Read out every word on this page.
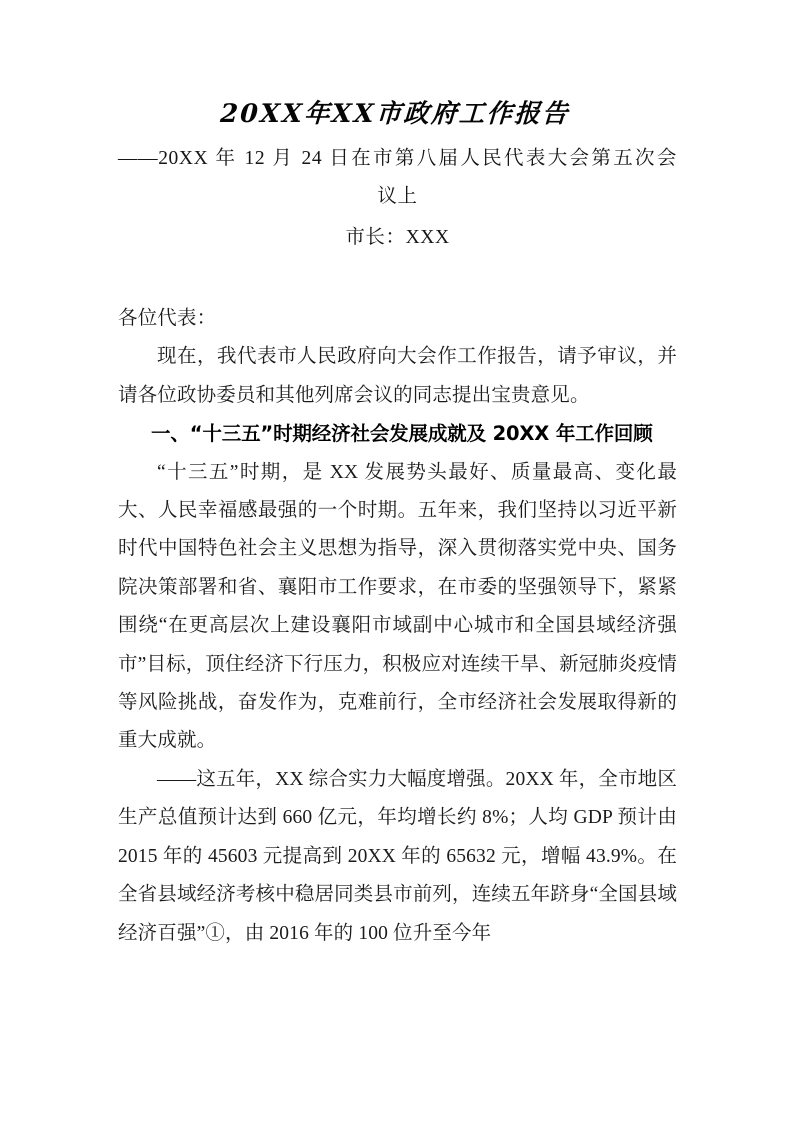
20XX年XX市政府工作报告
——20XX 年 12 月 24 日在市第八届人民代表大会第五次会
议上
市长：XXX

各位代表：

现在，我代表市人民政府向大会作工作报告，请予审议，并请各位政协委员和其他列席会议的同志提出宝贵意见。

一、“十三五”时期经济社会发展成就及 20XX 年工作回顾

“十三五”时期，是 XX 发展势头最好、质量最高、变化最大、人民幸福感最强的一个时期。五年来，我们坚持以习近平新时代中国特色社会主义思想为指导，深入贯彻落实党中央、国务院决策部署和省、襄阳市工作要求，在市委的坚强领导下，紧紧围绕“在更高层次上建设襄阳市域副中心城市和全国县域经济强市”目标，顶住经济下行压力，积极应对连续干旱、新冠肺炎疫情等风险挑战，奋发作为，克难前行，全市经济社会发展取得新的重大成就。

——这五年，XX 综合实力大幅度增强。20XX 年，全市地区生产总值预计达到 660 亿元，年均增长约 8%；人均 GDP 预计由 2015 年的 45603 元提高到 20XX 年的 65632 元，增幅 43.9%。在全省县域经济考核中稳居同类县市前列，连续五年跻身“全国县域经济百强”①，由 2016 年的 100 位升至今年
